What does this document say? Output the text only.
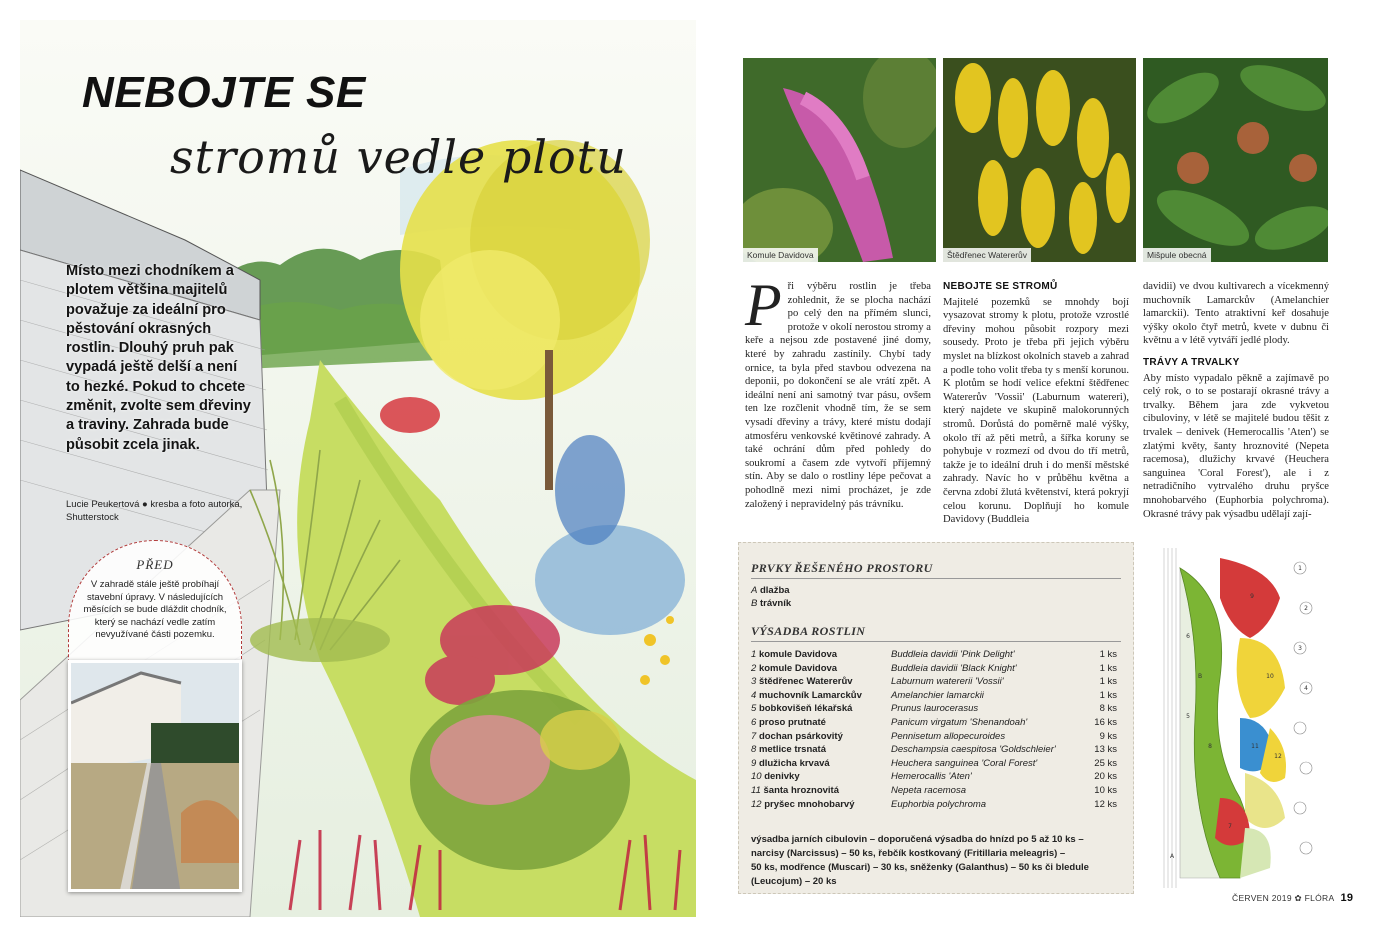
NEBOJTE SE
stromů vedle plotu
Místo mezi chodníkem a plotem většina majitelů považuje za ideální pro pěstování okrasných rostlin. Dlouhý pruh pak vypadá ještě delší a není to hezké. Pokud to chcete změnit, zvolte sem dřeviny a traviny. Zahrada bude působit zcela jinak.
Lucie Peukertová ● kresba a foto autorka, Shutterstock
PŘED
V zahradě stále ještě probíhají stavební úpravy. V následujících měsících se bude dláždit chodník, který se nachází vedle zatím nevyužívané části pozemku.
Komule Davidova	Štědřenec Watererův	Mišpule obecná
P ři výběru rostlin je třeba zohlednit, že se plocha nachází po celý den na přímém slunci, protože v okolí nerostou stromy a keře a nejsou zde postavené jiné domy, které by zahradu zastínily. Chybí tady ornice, ta byla před stavbou odvezena na deponii, po dokončení se ale vrátí zpět. A ideální není ani samotný tvar pásu, ovšem ten lze rozčlenit vhodně tím, že se sem vysadí dřeviny a trávy, které místu dodají atmosféru venkovské květinové zahrady. A také ochrání dům před pohledy do soukromí a časem zde vytvoří příjemný stín. Aby se dalo o rostliny lépe pečovat a pohodlně mezi nimi procházet, je zde založený i nepravidelný pás trávníku.

NEBOJTE SE STROMŮ

Majitelé pozemků se mnohdy bojí vysazovat stromy k plotu, protože vzrostlé dřeviny mohou působit rozpory mezi sousedy. Proto je třeba při jejich výběru myslet na blízkost okolních staveb a zahrad a podle toho volit třeba ty s menší korunou. K plotům se hodí velice efektní štědřenec Watererův 'Vossii' (Laburnum watereri), který najdete ve skupině malokorunných stromů. Dorůstá do poměrně malé výšky, okolo tří až pěti metrů, a šířka koruny se pohybuje v rozmezí od dvou do tří metrů, takže je to ideální druh i do menší městské zahrady. Navíc ho v průběhu května a června zdobí žlutá květenství, která pokryjí celou korunu. Doplňují ho komule Davidovy (Buddleia

davidii) ve dvou kultivarech a vícekmenný muchovník Lamarckův (Amelanchier lamarckii). Tento atraktivní keř dosahuje výšky okolo čtyř metrů, kvete v dubnu či květnu a v létě vytváří jedlé plody.

TRÁVY A TRVALKY

Aby místo vypadalo pěkně a zajímavě po celý rok, o to se postarají okrasné trávy a trvalky. Během jara zde vykvetou cibuloviny, v létě se majitelé budou těšit z trvalek – denivek (Hemerocallis 'Aten') se zlatými květy, šanty hroznovité (Nepeta racemosa), dlužichy krvavé (Heuchera sanguinea 'Coral Forest'), ale i z netradičního vytrvalého druhu pryšce mnohobarvého (Euphorbia polychroma). Okrasné trávy pak výsadbu udělají zají-

PRVKY ŘEŠENÉHO PROSTORU
A dlažba
B trávník
VÝSADBA ROSTLIN
1 komule Davidova	Buddleia davidii 'Pink Delight'	1 ks
2 komule Davidova	Buddleia davidii 'Black Knight'	1 ks
3 štědřenec Watererův	Laburnum watererii 'Vossii'	1 ks
4 muchovník Lamarckův	Amelanchier lamarckii	1 ks
5 bobkovišeň lékařská	Prunus laurocerasus	8 ks
6 proso prutnaté	Panicum virgatum 'Shenandoah'	16 ks
7 dochan psárkovitý	Pennisetum allopecuroides	9 ks
8 metlice trsnatá	Deschampsia caespitosa 'Goldschleier'	13 ks
9 dlužicha krvavá	Heuchera sanguinea 'Coral Forest'	25 ks
10 denivky	Hemerocallis 'Aten'	20 ks
11 šanta hroznovitá	Nepeta racemosa	10 ks
12 pryšec mnohobarvý	Euphorbia polychroma	12 ks
výsadba jarních cibulovin – doporučená výsadba do hnízd po 5 až 10 ks –
narcisy (Narcissus) – 50 ks, řebčík kostkovaný (Fritillaria meleagris) –
50 ks, modřence (Muscari) – 30 ks, sněženky (Galanthus) – 50 ks či bledule
(Leucojum) – 20 ks
6
5
9
10
11
12
8
7
1
2
3
4
A
B
ČERVEN 2019 ✿ FLÓRA 19
